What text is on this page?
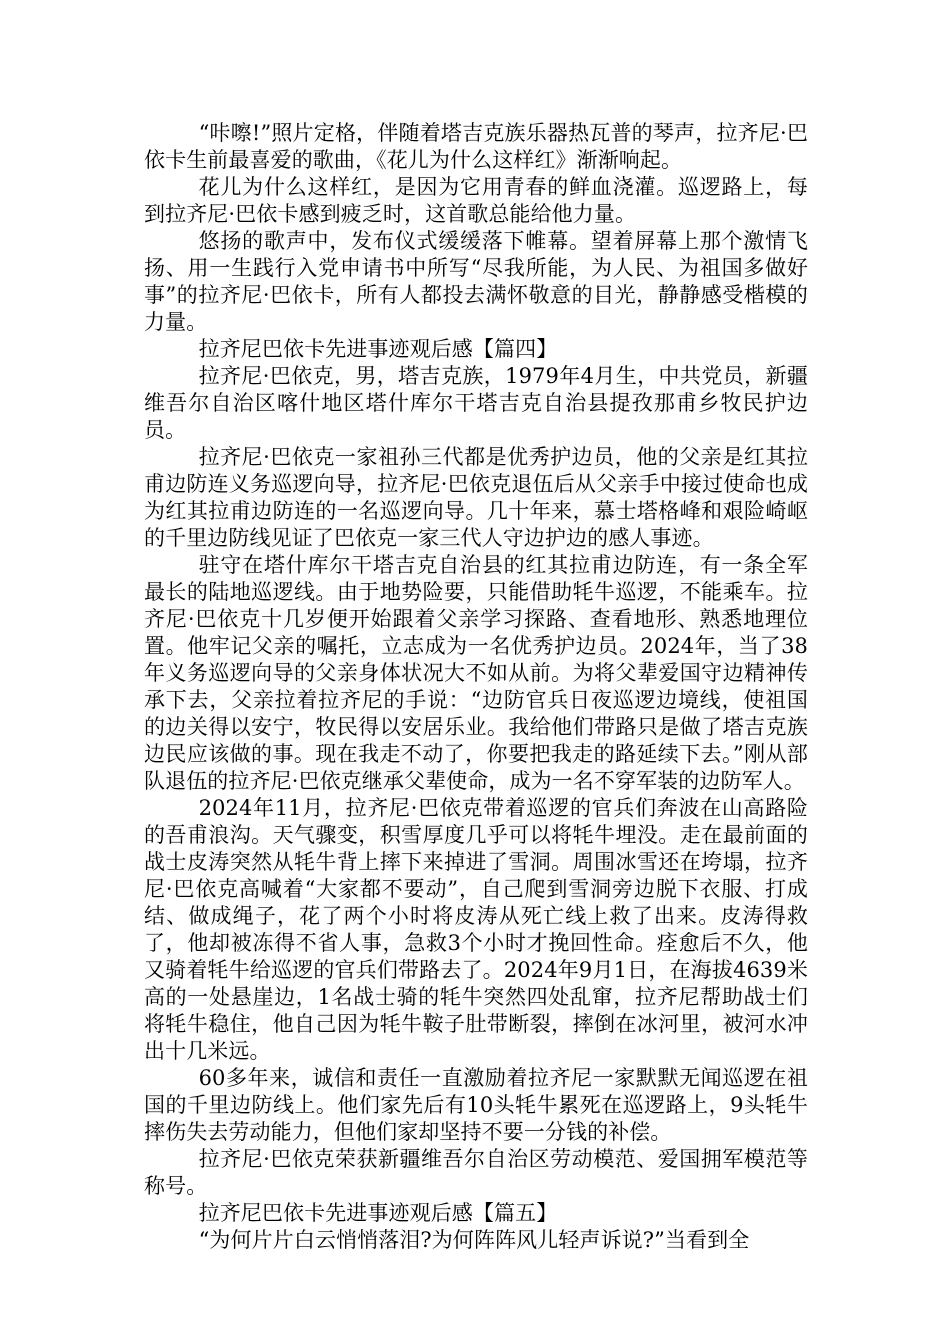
“咔嚓!”照片定格，伴随着塔吉克族乐器热瓦普的琴声，拉齐尼·巴依卡生前最喜爱的歌曲，《花儿为什么这样红》渐渐响起。

花儿为什么这样红，是因为它用青春的鲜血浇灌。巡逻路上，每到拉齐尼·巴依卡感到疲乏时，这首歌总能给他力量。

悠扬的歌声中，发布仪式缓缓落下帷幕。望着屏幕上那个激情飞扬、用一生践行入党申请书中所写“尽我所能，为人民、为祖国多做好事”的拉齐尼·巴依卡，所有人都投去满怀敬意的目光，静静感受楷模的力量。

拉齐尼巴依卡先进事迹观后感【篇四】

拉齐尼·巴依克，男，塔吉克族，1979年4月生，中共党员，新疆维吾尔自治区喀什地区塔什库尔干塔吉克自治县提孜那甫乡牧民护边员。

拉齐尼·巴依克一家祖孙三代都是优秀护边员，他的父亲是红其拉甫边防连义务巡逻向导，拉齐尼·巴依克退伍后从父亲手中接过使命也成为红其拉甫边防连的一名巡逻向导。几十年来，慕士塔格峰和艰险崎岖的千里边防线见证了巴依克一家三代人守边护边的感人事迹。

驻守在塔什库尔干塔吉克自治县的红其拉甫边防连，有一条全军最长的陆地巡逻线。由于地势险要，只能借助牦牛巡逻，不能乘车。拉齐尼·巴依克十几岁便开始跟着父亲学习探路、查看地形、熟悉地理位置。他牢记父亲的嘱托，立志成为一名优秀护边员。2024年，当了38年义务巡逻向导的父亲身体状况大不如从前。为将父辈爱国守边精神传承下去，父亲拉着拉齐尼的手说：“边防官兵日夜巡逻边境线，使祖国的边关得以安宁，牧民得以安居乐业。我给他们带路只是做了塔吉克族边民应该做的事。现在我走不动了，你要把我走的路延续下去。”刚从部队退伍的拉齐尼·巴依克继承父辈使命，成为一名不穿军装的边防军人。

2024年11月，拉齐尼·巴依克带着巡逻的官兵们奔波在山高路险的吾甫浪沟。天气骤变，积雪厚度几乎可以将牦牛埋没。走在最前面的战士皮涛突然从牦牛背上摔下来掉进了雪洞。周围冰雪还在垮塌，拉齐尼·巴依克高喊着“大家都不要动”，自己爬到雪洞旁边脱下衣服、打成结、做成绳子，花了两个小时将皮涛从死亡线上救了出来。皮涛得救了，他却被冻得不省人事，急救3个小时才挽回性命。痊愈后不久，他又骑着牦牛给巡逻的官兵们带路去了。2024年9月1日，在海拔4639米高的一处悬崖边，1名战士骑的牦牛突然四处乱窜，拉齐尼帮助战士们将牦牛稳住，他自己因为牦牛鞍子肚带断裂，摔倒在冰河里，被河水冲出十几米远。

60多年来，诚信和责任一直激励着拉齐尼一家默默无闻巡逻在祖国的千里边防线上。他们家先后有10头牦牛累死在巡逻路上，9头牦牛摔伤失去劳动能力，但他们家却坚持不要一分钱的补偿。

拉齐尼·巴依克荣获新疆维吾尔自治区劳动模范、爱国拥军模范等称号。

拉齐尼巴依卡先进事迹观后感【篇五】

“为何片片白云悄悄落泪?为何阵阵风儿轻声诉说?”当看到全
